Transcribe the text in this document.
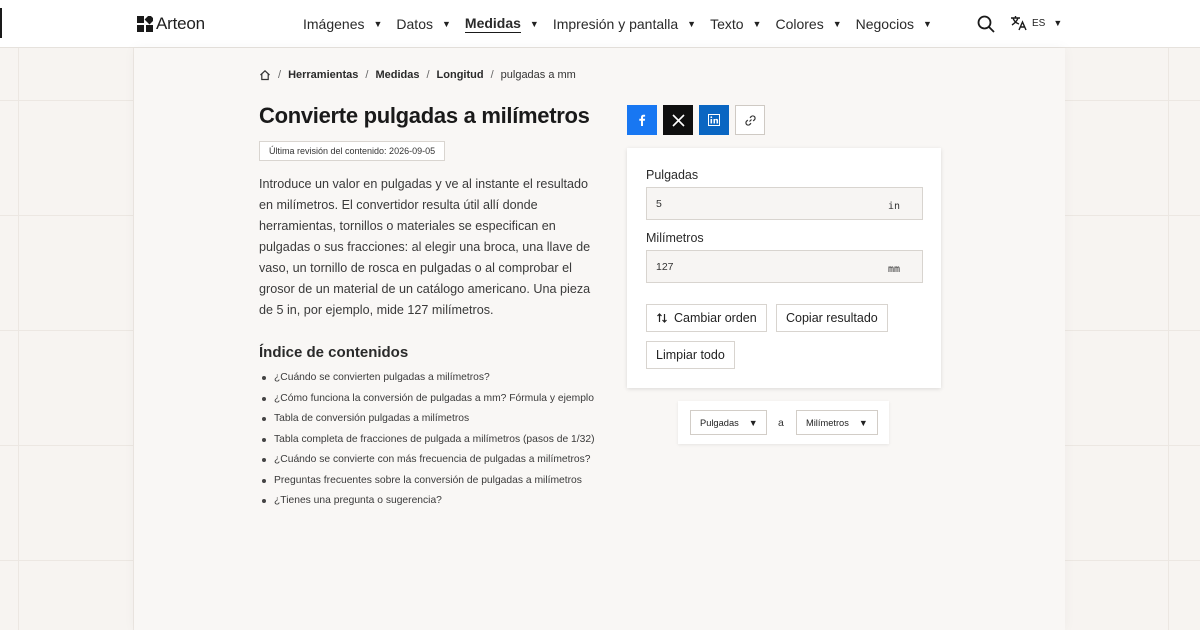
Arteon	Imágenes ▼ Datos ▼ Medidas ▼ Impresión y pantalla ▼ Texto ▼ Colores ▼ Negocios ▼	ES ▼
/ Herramientas / Medidas / Longitud / pulgadas a mm
Convierte pulgadas a milímetros
Última revisión del contenido: 2026-09-05

Introduce un valor en pulgadas y ve al instante el resultado en milímetros. El convertidor resulta útil allí donde herramientas, tornillos o materiales se especifican en pulgadas o sus fracciones: al elegir una broca, una llave de vaso, un tornillo de rosca en pulgadas o al comprobar el grosor de un material de un catálogo americano. Una pieza de 5 in, por ejemplo, mide 127 milímetros.

Índice de contenidos
¿Cuándo se convierten pulgadas a milímetros?
¿Cómo funciona la conversión de pulgadas a mm? Fórmula y ejemplo
Tabla de conversión pulgadas a milímetros
Tabla completa de fracciones de pulgada a milímetros (pasos de 1/32)
¿Cuándo se convierte con más frecuencia de pulgadas a milímetros?
Preguntas frecuentes sobre la conversión de pulgadas a milímetros
¿Tienes una pregunta o sugerencia?
Pulgadas
5
in
Milímetros
127
mm
Cambiar orden Copiar resultado
Limpiar todo
Pulgadas ▼ a Milímetros ▼
